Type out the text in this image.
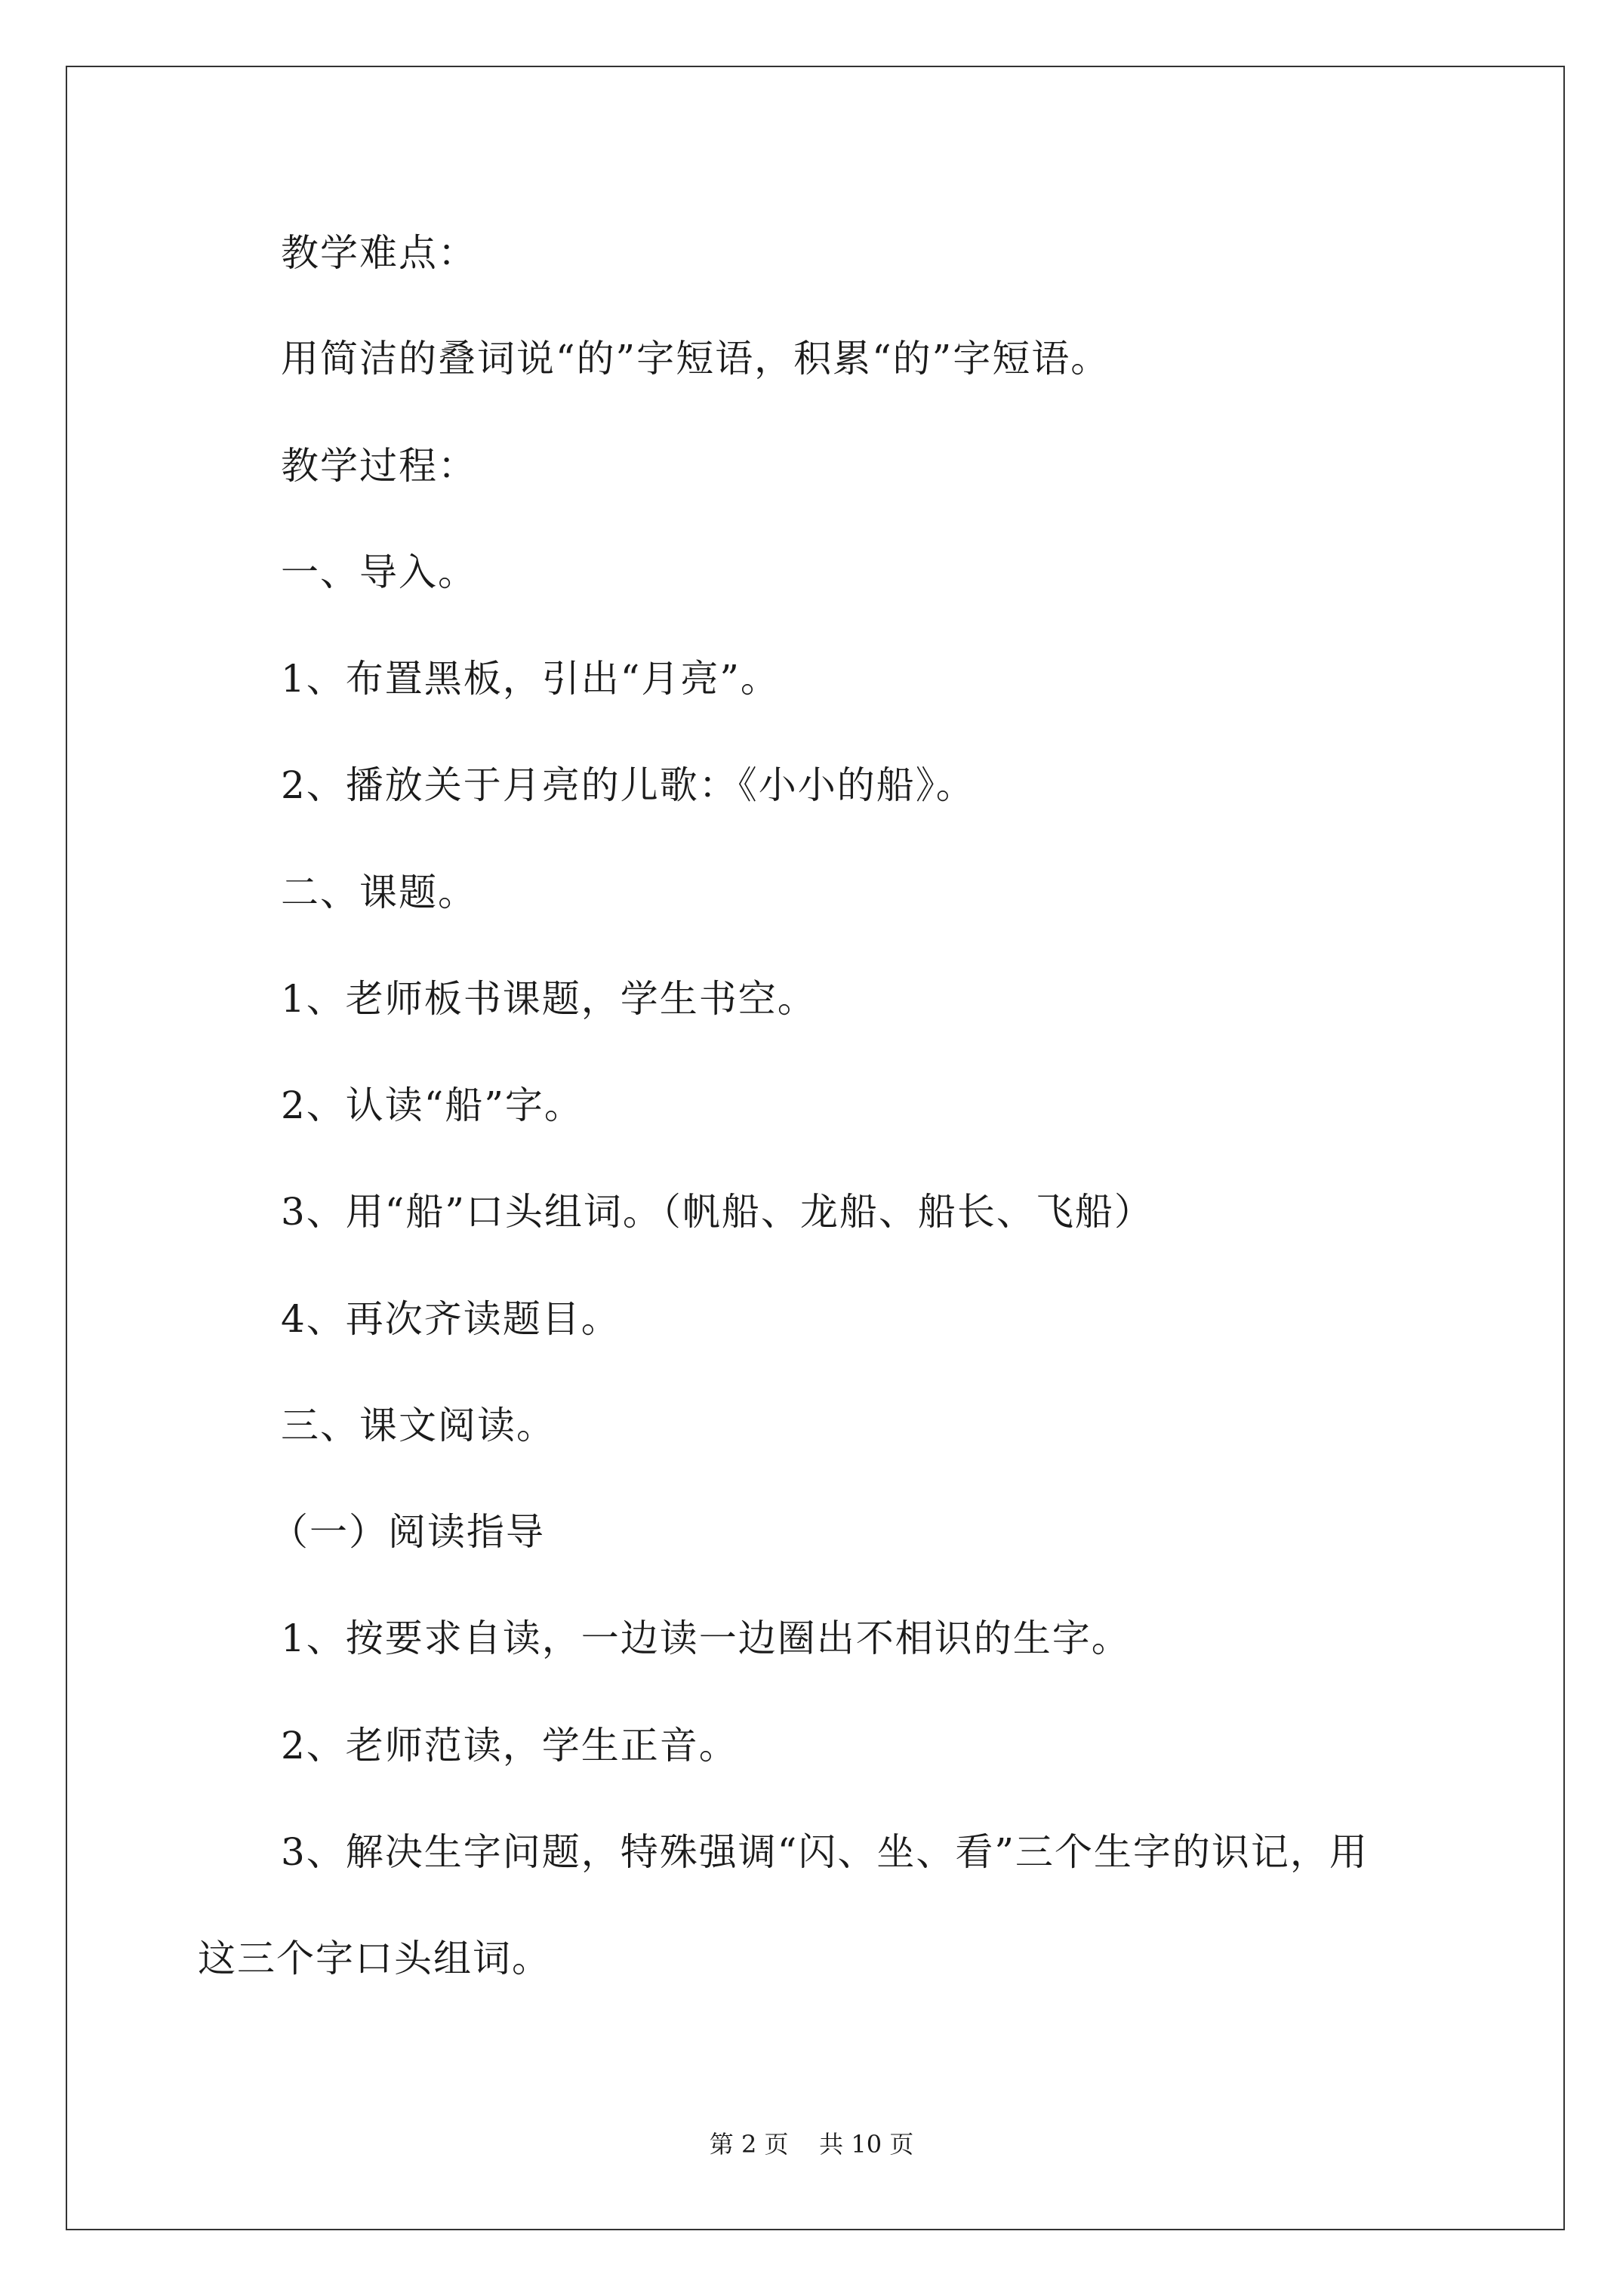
教学难点：
用简洁的叠词说“的”字短语，积累“的”字短语。
教学过程：
一、导入。
1、布置黑板，引出“月亮”。
2、播放关于月亮的儿歌：《小小的船》。
二、课题。
1、老师板书课题，学生书空。
2、认读“船”字。
3、用“船”口头组词。（帆船、龙船、船长、飞船）
4、再次齐读题目。
三、课文阅读。
（一）阅读指导
1、按要求自读，一边读一边圈出不相识的生字。
2、老师范读，学生正音。
3、解决生字问题，特殊强调“闪、坐、看”三个生字的识记，用
这三个字口头组词。
第 2 页    共 10 页
